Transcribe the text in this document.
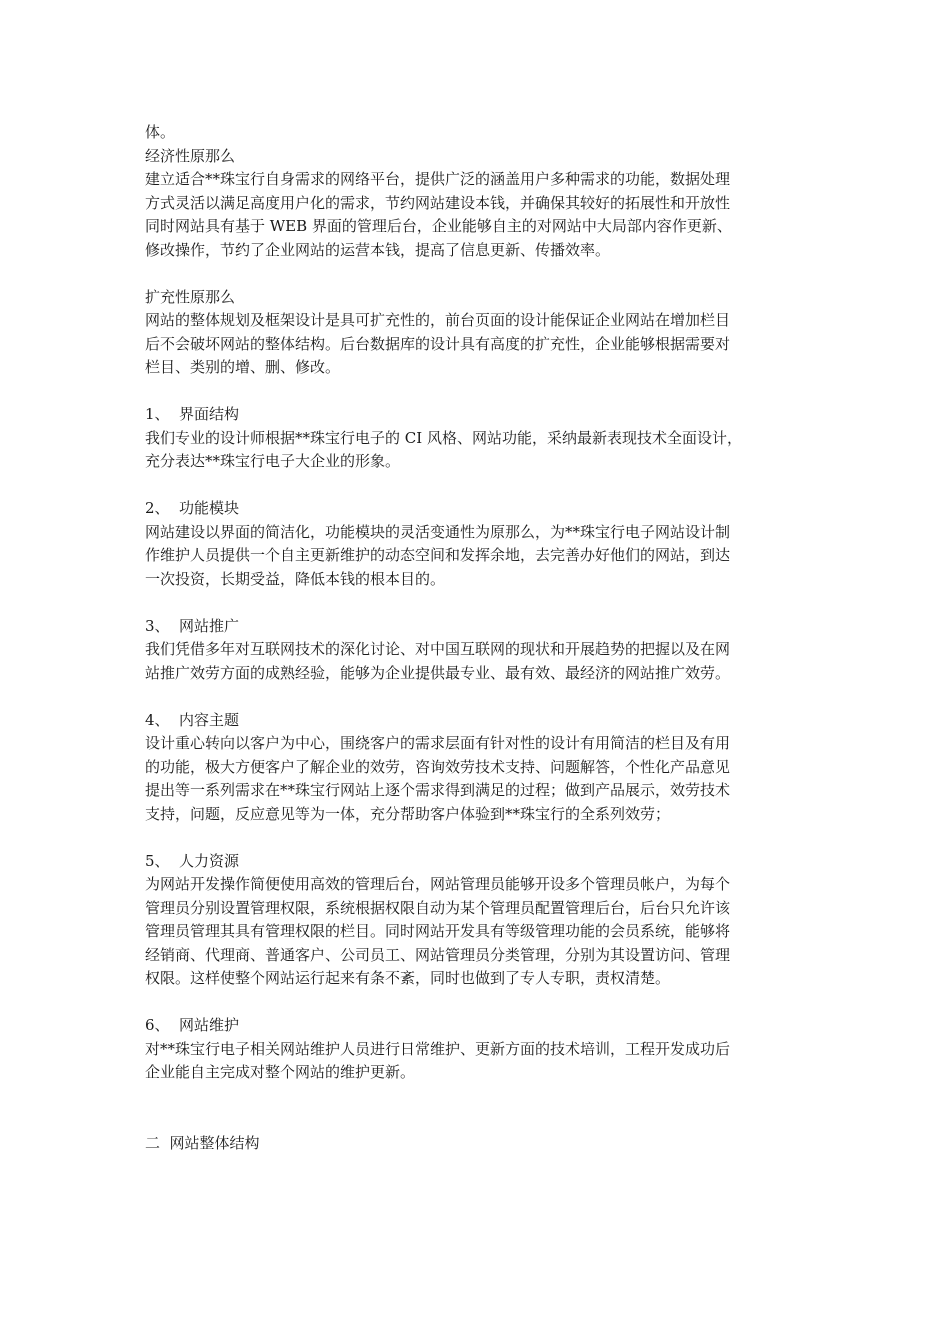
体。
经济性原那么
建立适合**珠宝行自身需求的网络平台，提供广泛的涵盖用户多种需求的功能，数据处理
方式灵活以满足高度用户化的需求，节约网站建设本钱，并确保其较好的拓展性和开放性
同时网站具有基于 WEB 界面的管理后台，企业能够自主的对网站中大局部内容作更新、
修改操作，节约了企业网站的运营本钱，提高了信息更新、传播效率。
扩充性原那么
网站的整体规划及框架设计是具可扩充性的，前台页面的设计能保证企业网站在增加栏目
后不会破坏网站的整体结构。后台数据库的设计具有高度的扩充性，企业能够根据需要对
栏目、类别的增、删、修改。
1、 界面结构
我们专业的设计师根据**珠宝行电子的 CI 风格、网站功能，采纳最新表现技术全面设计，
充分表达**珠宝行电子大企业的形象。
2、 功能模块
网站建设以界面的简洁化，功能模块的灵活变通性为原那么，为**珠宝行电子网站设计制
作维护人员提供一个自主更新维护的动态空间和发挥余地，去完善办好他们的网站，到达
一次投资，长期受益，降低本钱的根本目的。
3、 网站推广
我们凭借多年对互联网技术的深化讨论、对中国互联网的现状和开展趋势的把握以及在网
站推广效劳方面的成熟经验，能够为企业提供最专业、最有效、最经济的网站推广效劳。
4、 内容主题
设计重心转向以客户为中心，围绕客户的需求层面有针对性的设计有用简洁的栏目及有用
的功能，极大方便客户了解企业的效劳，咨询效劳技术支持、问题解答，个性化产品意见
提出等一系列需求在**珠宝行网站上逐个需求得到满足的过程；做到产品展示，效劳技术
支持，问题，反应意见等为一体，充分帮助客户体验到**珠宝行的全系列效劳；
5、 人力资源
为网站开发操作简便使用高效的管理后台，网站管理员能够开设多个管理员帐户，为每个
管理员分别设置管理权限，系统根据权限自动为某个管理员配置管理后台，后台只允许该
管理员管理其具有管理权限的栏目。同时网站开发具有等级管理功能的会员系统，能够将
经销商、代理商、普通客户、公司员工、网站管理员分类管理，分别为其设置访问、管理
权限。这样使整个网站运行起来有条不紊，同时也做到了专人专职，责权清楚。
6、 网站维护
对**珠宝行电子相关网站维护人员进行日常维护、更新方面的技术培训，工程开发成功后
企业能自主完成对整个网站的维护更新。
二  网站整体结构
